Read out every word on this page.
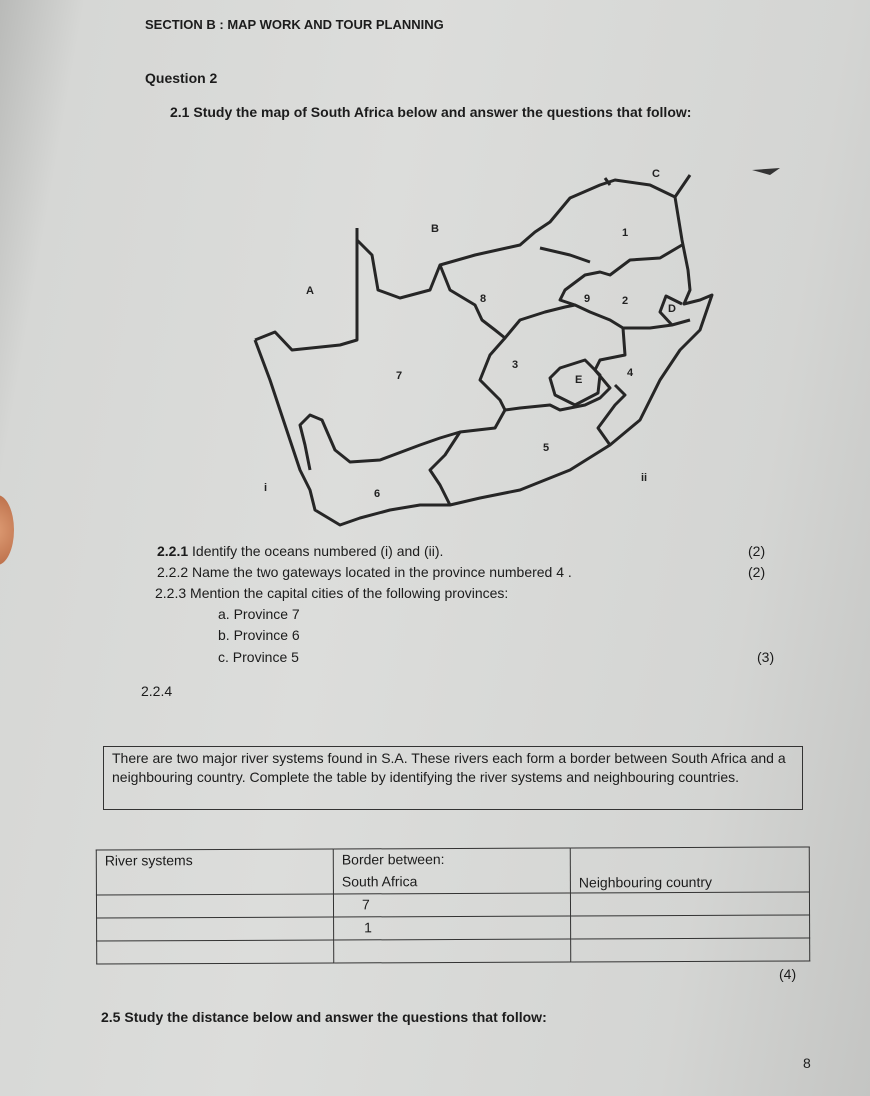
SECTION B : MAP WORK AND TOUR PLANNING
Question 2
2.1 Study the map of South Africa below and answer the questions that follow:
A
B
C
D
E
1
2
3
4
5
6
7
8	9
i
ii
2.2.1 Identify the oceans numbered (i) and (ii).	(2)
2.2.2 Name the two gateways located in the province numbered 4 .	(2)
2.2.3 Mention the capital cities of the following provinces:
a. Province 7
b. Province 6
c. Province 5	(3)
2.2.4
There are two major river systems found in S.A. These rivers each form a border between South Africa and a neighbouring country. Complete the table by identifying the river systems and neighbouring countries.
River systems	Border between:	Neighbouring country
	South Africa	
	7	
	1	

(4)
2.5 Study the distance below and answer the questions that follow:
8
